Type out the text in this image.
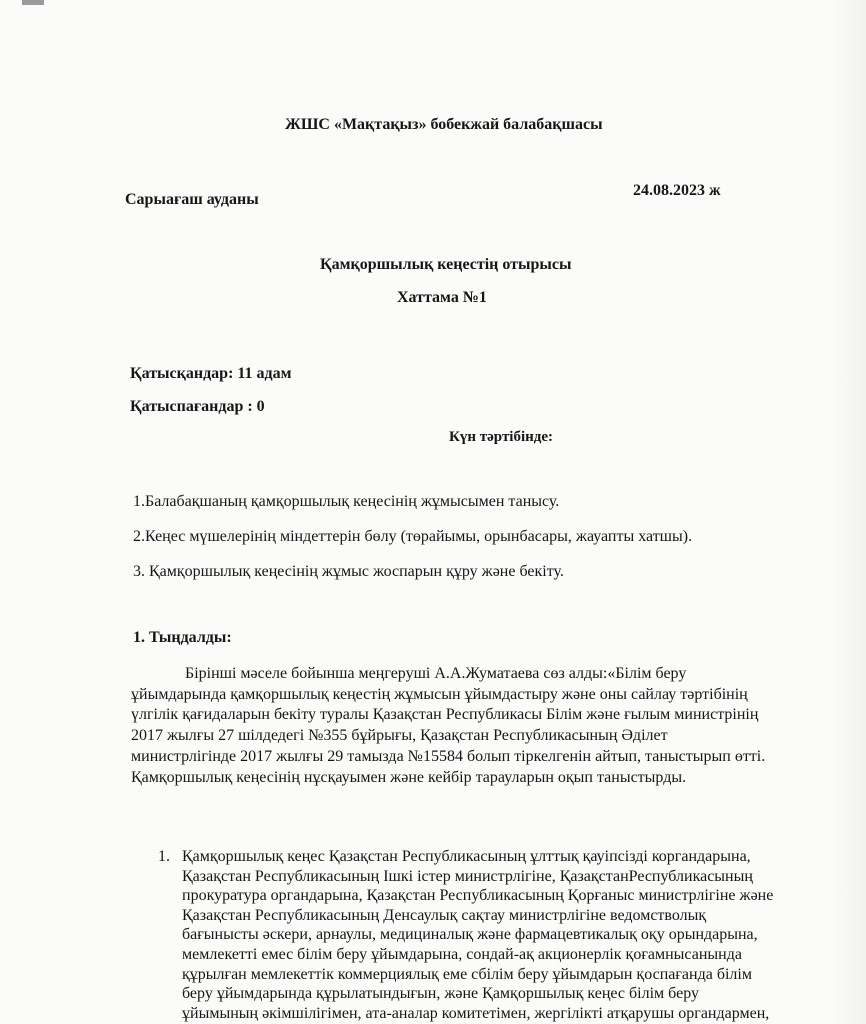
ЖШС «Мақтақыз» бобекжай балабақшасы
Сарыағаш ауданы
24.08.2023 ж
Қамқоршылық кеңестің отырысы
Хаттама №1
Қатысқандар: 11 адам
Қатыспағандар : 0
Күн тәртібінде:
1.Балабақшаның қамқоршылық кеңесінің жұмысымен танысу.
2.Кеңес мүшелерінің міндеттерін бөлу (төрайымы, орынбасары, жауапты хатшы).
3. Қамқоршылық кеңесінің жұмыс жоспарын құру және бекіту.
1. Тыңдалды:
Бірінші мәселе бойынша меңгеруші А.А.Жуматаева сөз алды:«Білім беру
ұйымдарында қамқоршылық кеңестің жұмысын ұйымдастыру және оны сайлау тәртібінің
үлгілік қағидаларын бекіту туралы Қазақстан Республикасы Білім және ғылым министрінің
2017 жылғы 27 шілдедегі №355 бұйрығы, Қазақстан Республикасының Әділет
министрлігінде 2017 жылғы 29 тамызда №15584 болып тіркелгенін айтып, таныстырып өтті.
Қамқоршылық кеңесінің нұсқауымен және кейбір тарауларын оқып таныстырды.
1. Қамқоршылық кеңес Қазақстан Республикасының ұлттық қауіпсізді коргандарына,
Қазақстан Республикасының Ішкі істер министрлігіне, ҚазақстанРеспубликасының
прокуратура органдарына, Қазақстан Республикасының Қорғаныс министрлігіне және
Қазақстан Республикасының Денсаулық сақтау министрлігіне ведомстволық
бағынысты әскери, арнаулы, медициналық және фармацевтикалық оқу орындарына,
мемлекетті емес білім беру ұйымдарына, сондай-ақ акционерлік қоғамнысанында
құрылған мемлекеттік коммерциялық еме сбілім беру ұйымдарын қоспағанда білім
беру ұйымдарында құрылатындығын, және Қамқоршылық кеңес білім беру
ұйымының әкімшілігімен, ата-аналар комитетімен, жергілікті атқарушы органдармен,
